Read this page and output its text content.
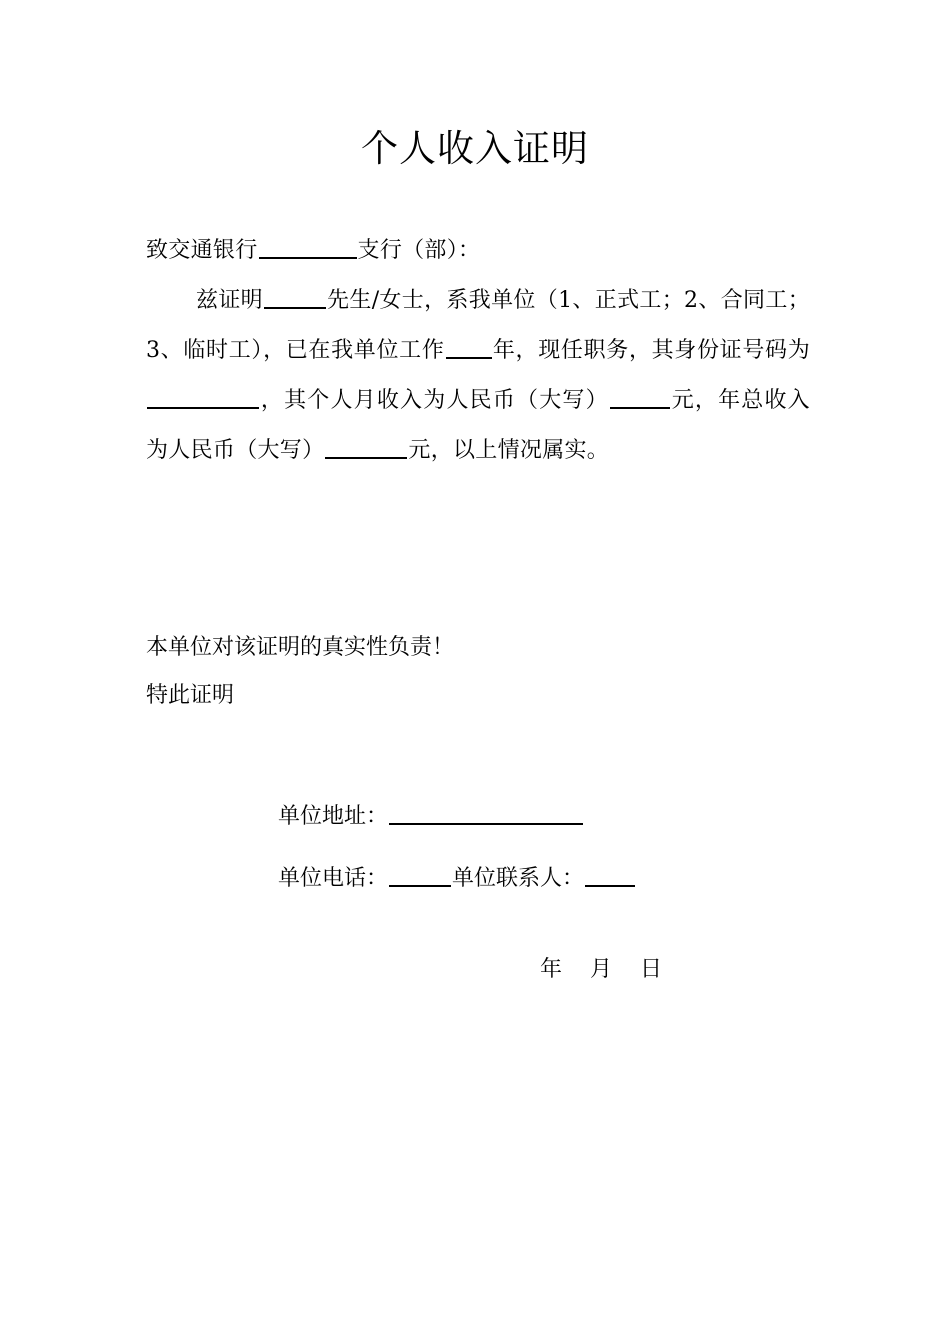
个人收入证明

致交通银行	支行（部）：

兹证明	先生/女士，系我单位（1、正式工；2、合同工；3、临时工），已在我单位工作 年，现任职务，其身份证号码为，其个人月收入为人民币（大写）	元，年总收入为人民币（大写）	元，以上情况属实。

本单位对该证明的真实性负责！
特此证明
单位地址：
单位电话：	单位联系人：
年    月    日
